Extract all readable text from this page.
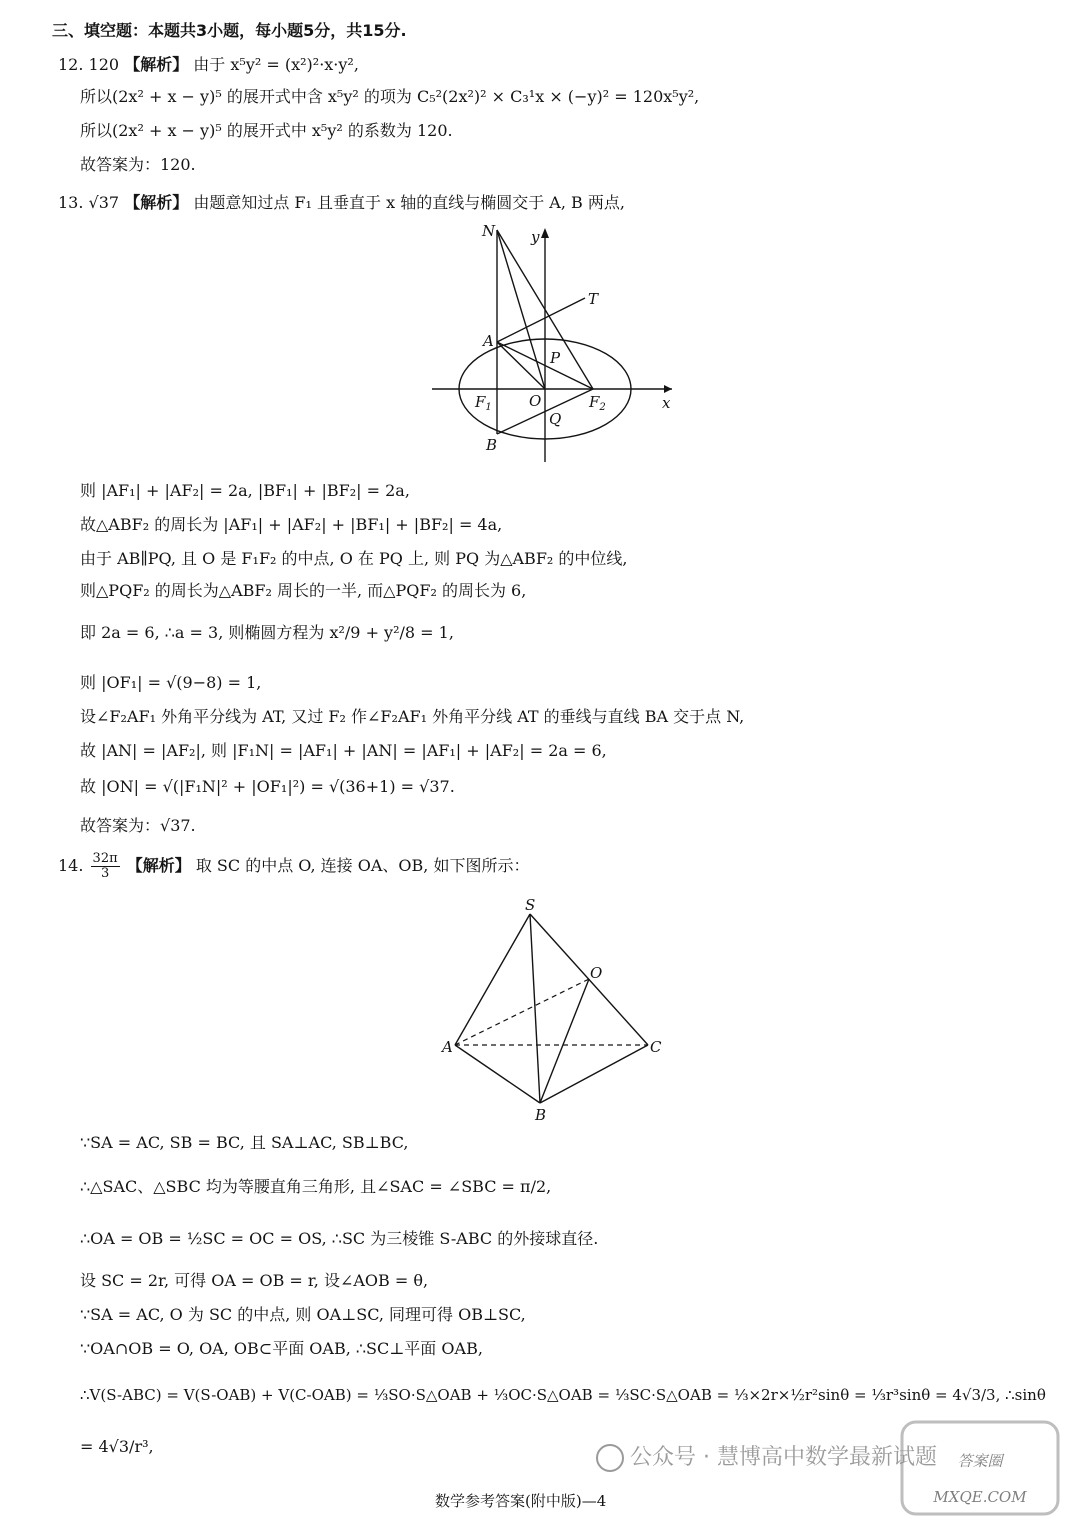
三、填空题：本题共3小题，每小题5分，共15分.
12. 120 【解析】 由于 x⁵y² = (x²)²·x·y²,
所以(2x² + x − y)⁵ 的展开式中含 x⁵y² 的项为 C₅²(2x²)² × C₃¹x × (−y)² = 120x⁵y²,
所以(2x² + x − y)⁵ 的展开式中 x⁵y² 的系数为 120.
故答案为：120.
13. √37 【解析】 由题意知过点 F₁ 且垂直于 x 轴的直线与椭圆交于 A, B 两点,
N y
T
A
P
$F_1$ O	$F_2$	x
Q
B
则 |AF₁| + |AF₂| = 2a, |BF₁| + |BF₂| = 2a,
故△ABF₂ 的周长为 |AF₁| + |AF₂| + |BF₁| + |BF₂| = 4a,
由于 AB∥PQ, 且 O 是 F₁F₂ 的中点, O 在 PQ 上, 则 PQ 为△ABF₂ 的中位线,
则△PQF₂ 的周长为△ABF₂ 周长的一半, 而△PQF₂ 的周长为 6,
即 2a = 6, ∴a = 3, 则椭圆方程为 x²/9 + y²/8 = 1,
则 |OF₁| = √(9−8) = 1,
设∠F₂AF₁ 外角平分线为 AT, 又过 F₂ 作∠F₂AF₁ 外角平分线 AT 的垂线与直线 BA 交于点 N,
故 |AN| = |AF₂|, 则 |F₁N| = |AF₁| + |AN| = |AF₁| + |AF₂| = 2a = 6,
故 |ON| = √(|F₁N|² + |OF₁|²) = √(36+1) = √37.
故答案为：√37.
14. $\frac{32\pi}{3}$ 【解析】 取 SC 的中点 O, 连接 OA、OB, 如下图所示：
S
O
A	C
B
∵SA = AC, SB = BC, 且 SA⊥AC, SB⊥BC,
∴△SAC、△SBC 均为等腰直角三角形, 且∠SAC = ∠SBC = π/2,
∴OA = OB = ½SC = OC = OS, ∴SC 为三棱锥 S-ABC 的外接球直径.
设 SC = 2r, 可得 OA = OB = r, 设∠AOB = θ,
∵SA = AC, O 为 SC 的中点, 则 OA⊥SC, 同理可得 OB⊥SC,
∵OA∩OB = O, OA, OB⊂平面 OAB, ∴SC⊥平面 OAB,
∴V(S-ABC) = V(S-OAB) + V(C-OAB) = ⅓SO·S△OAB + ⅓OC·S△OAB = ⅓SC·S△OAB = ⅓×2r×½r²sinθ = ⅓r³sinθ = 4√3/3, ∴sinθ
= 4√3/r³,	公众号 · 慧博高中数学最新试题 答案圈
MXQE.COM
数学参考答案(附中版)—4
